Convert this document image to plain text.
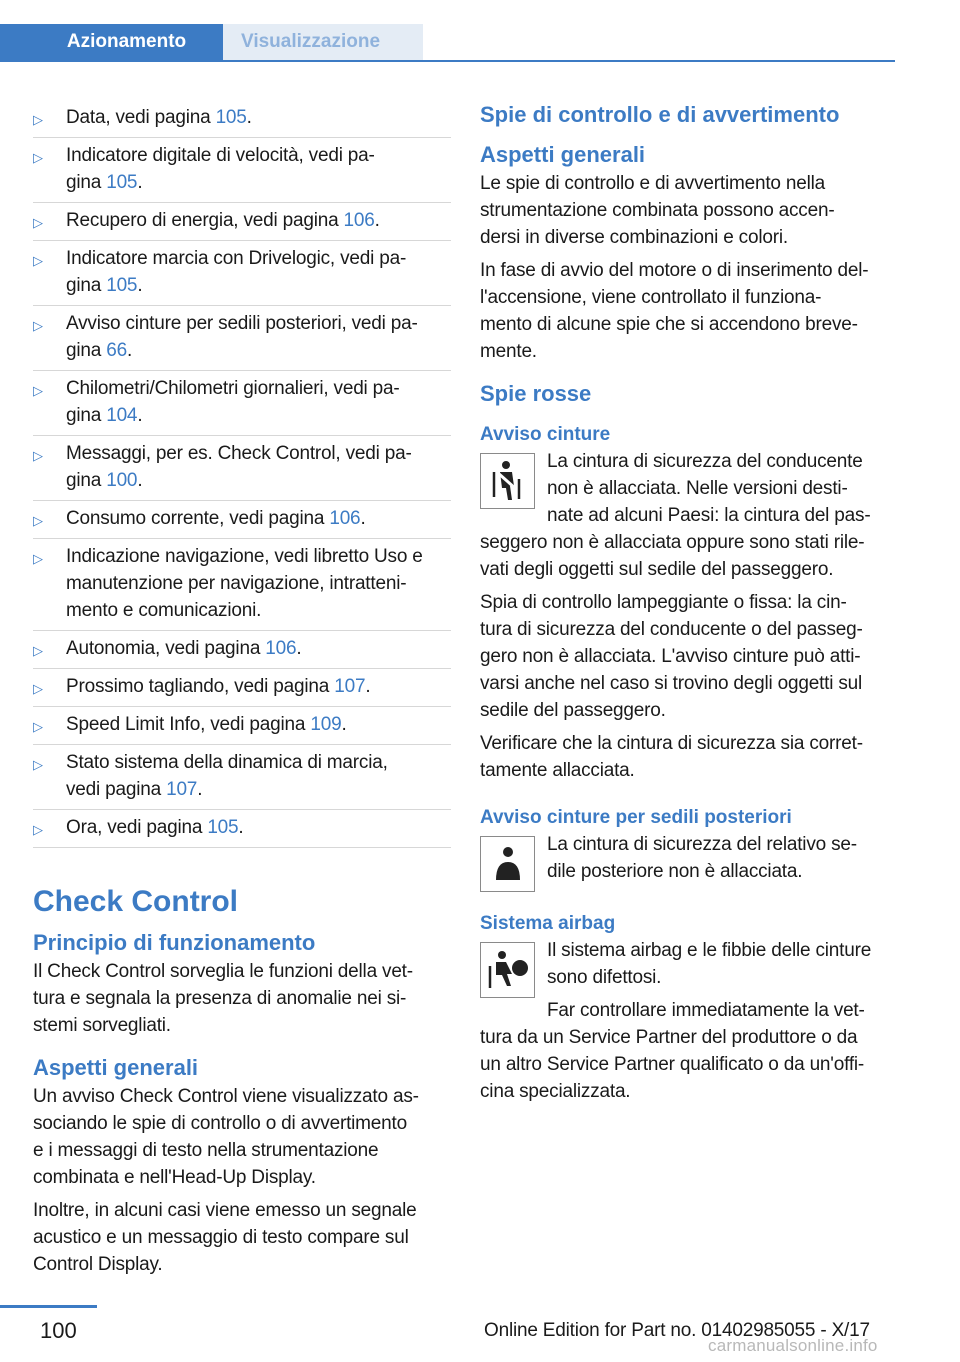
Azionamento	Visualizzazione
▷ Data, vedi pagina 105.
▷ Indicatore digitale di velocità, vedi pa‐
gina 105.
▷ Recupero di energia, vedi pagina 106.
▷ Indicatore marcia con Drivelogic, vedi pa‐
gina 105.
▷ Avviso cinture per sedili posteriori, vedi pa‐
gina 66.
▷ Chilometri/Chilometri giornalieri, vedi pa‐
gina 104.
▷ Messaggi, per es. Check Control, vedi pa‐
gina 100.
▷ Consumo corrente, vedi pagina 106.
▷ Indicazione navigazione, vedi libretto Uso e
manutenzione per navigazione, intratteni‐
mento e comunicazioni.
▷ Autonomia, vedi pagina 106.
▷ Prossimo tagliando, vedi pagina 107.
▷ Speed Limit Info, vedi pagina 109.
▷ Stato sistema della dinamica di marcia,
vedi pagina 107.
▷ Ora, vedi pagina 105.
Check Control
Principio di funzionamento

Il Check Control sorveglia le funzioni della vet‐
tura e segnala la presenza di anomalie nei si‐
stemi sorvegliati.

Aspetti generali

Un avviso Check Control viene visualizzato as‐
sociando le spie di controllo o di avvertimento
e i messaggi di testo nella strumentazione
combinata e nell'Head-Up Display.

Inoltre, in alcuni casi viene emesso un segnale
acustico e un messaggio di testo compare sul
Control Display.

Spie di controllo e di avvertimento
Aspetti generali

Le spie di controllo e di avvertimento nella
strumentazione combinata possono accen‐
dersi in diverse combinazioni e colori.

In fase di avvio del motore o di inserimento del‐
l'accensione, viene controllato il funziona‐
mento di alcune spie che si accendono breve‐
mente.

Spie rosse
Avviso cinture

La cintura di sicurezza del conducente
non è allacciata. Nelle versioni desti‐
nate ad alcuni Paesi: la cintura del pas‐
seggero non è allacciata oppure sono stati rile‐
vati degli oggetti sul sedile del passeggero.

Spia di controllo lampeggiante o fissa: la cin‐
tura di sicurezza del conducente o del passeg‐
gero non è allacciata. L'avviso cinture può atti‐
varsi anche nel caso si trovino degli oggetti sul
sedile del passeggero.

Verificare che la cintura di sicurezza sia corret‐
tamente allacciata.

Avviso cinture per sedili posteriori

La cintura di sicurezza del relativo se‐
dile posteriore non è allacciata.

Sistema airbag

Il sistema airbag e le fibbie delle cinture
sono difettosi.

Far controllare immediatamente la vet‐
tura da un Service Partner del produttore o da
un altro Service Partner qualificato o da un'offi‐
cina specializzata.

100	Online Edition for Part no. 01402985055 - X/17
carmanualsonline.info
